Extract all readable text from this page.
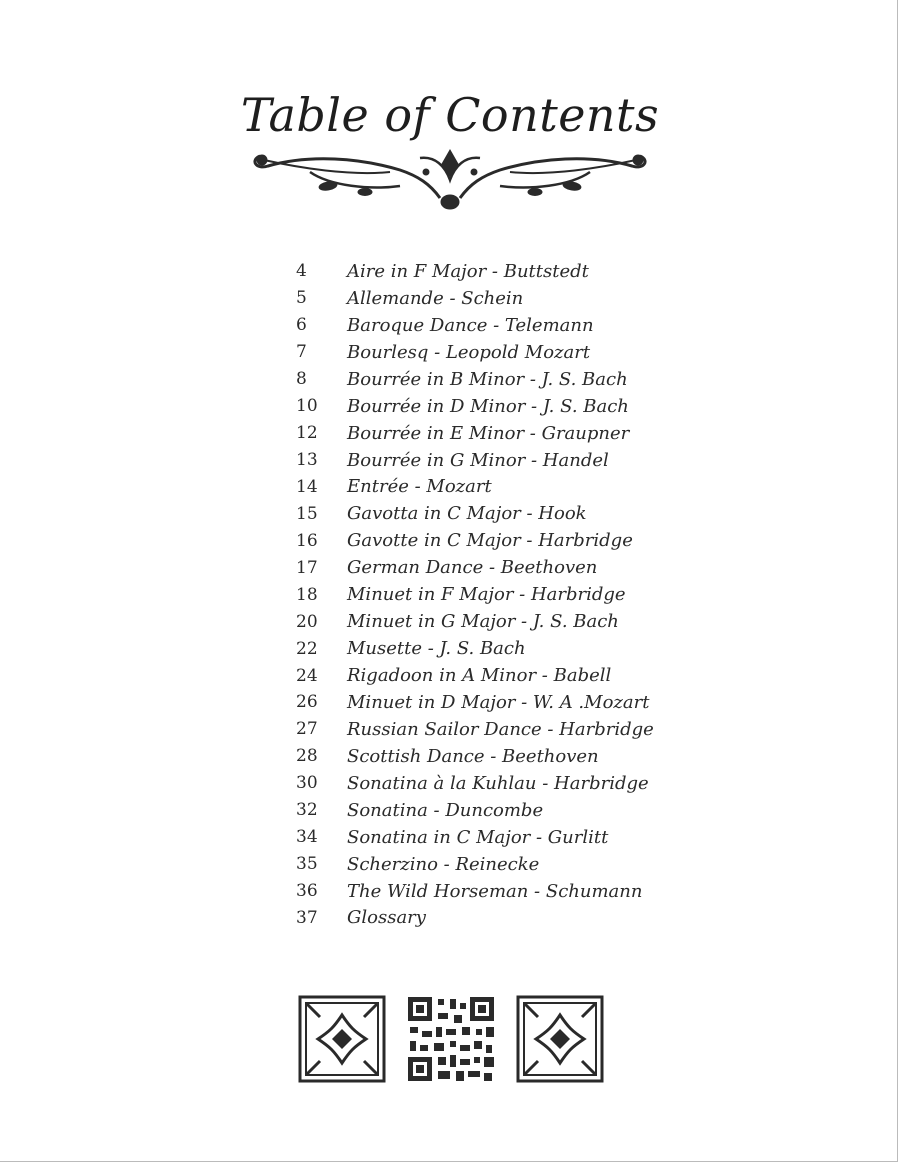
Table of Contents
4	Aire in F Major - Buttstedt
5	Allemande - Schein
6	Baroque Dance - Telemann
7	Bourlesq - Leopold Mozart
8	Bourrée in B Minor - J. S. Bach
10	Bourrée in D Minor - J. S. Bach
12	Bourrée in E Minor - Graupner
13	Bourrée in G Minor - Handel
14	Entrée - Mozart
15	Gavotta in C Major - Hook
16	Gavotte in C Major - Harbridge
17	German Dance - Beethoven
18	Minuet in F Major - Harbridge
20	Minuet in G Major - J. S. Bach
22	Musette - J. S. Bach
24	Rigadoon in A Minor - Babell
26	Minuet in D Major - W. A .Mozart
27	Russian Sailor Dance - Harbridge
28	Scottish Dance - Beethoven
30	Sonatina à la Kuhlau - Harbridge
32	Sonatina - Duncombe
34	Sonatina in C Major - Gurlitt
35	Scherzino - Reinecke
36	The Wild Horseman - Schumann
37	Glossary
